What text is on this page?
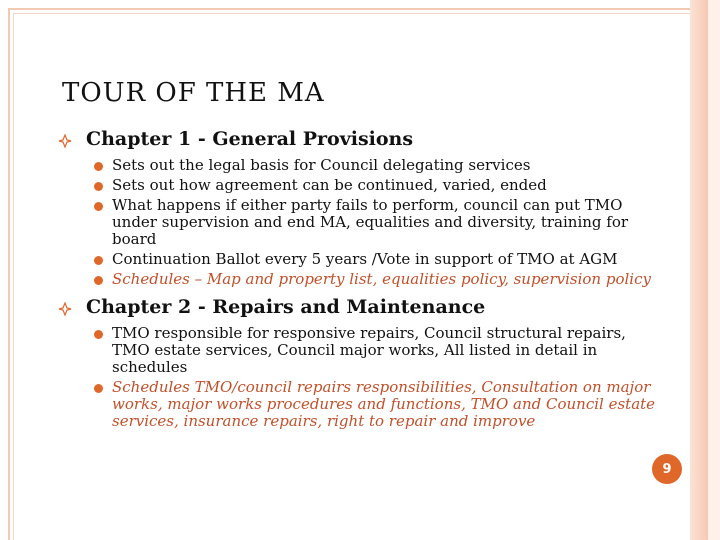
TOUR OF THE MA
Chapter 1 - General Provisions
Sets out the legal basis for Council delegating services
Sets out how agreement can be continued, varied, ended
What happens if either party fails to perform, council can put TMO under supervision and end MA, equalities and diversity, training for board
Continuation Ballot every 5 years /Vote in support of TMO at AGM
Schedules – Map and property list, equalities policy, supervision policy
Chapter 2 - Repairs and Maintenance
TMO responsible for responsive repairs, Council structural repairs, TMO estate services, Council major works, All listed in detail in schedules
Schedules TMO/council repairs responsibilities, Consultation on major works, major works procedures and functions, TMO and Council estate services, insurance repairs, right to repair and improve
9
